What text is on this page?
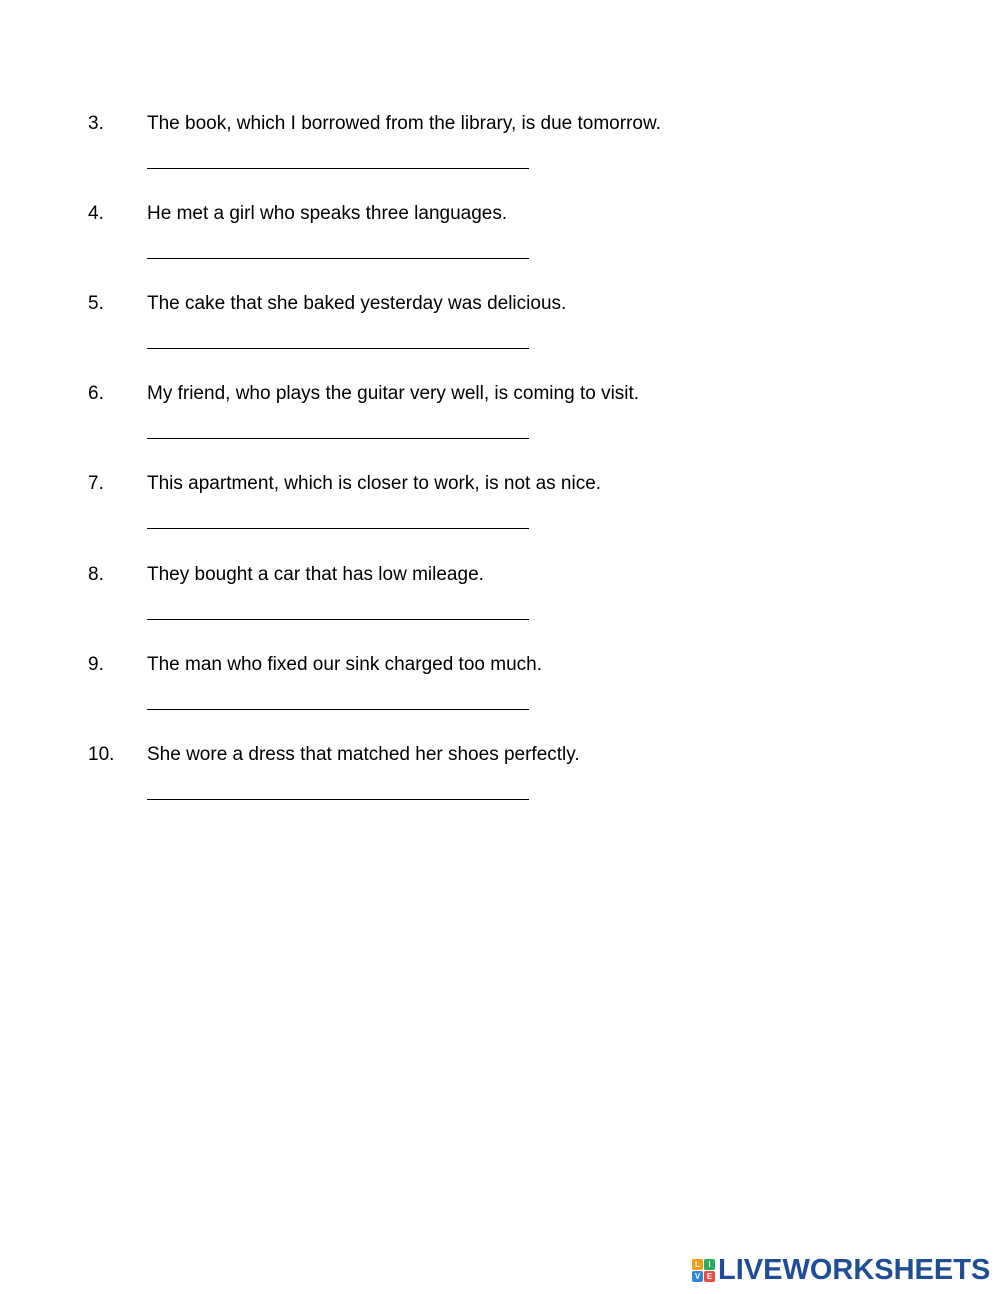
3. The book, which I borrowed from the library, is due tomorrow.
4. He met a girl who speaks three languages.
5. The cake that she baked yesterday was delicious.
6. My friend, who plays the guitar very well, is coming to visit.
7. This apartment, which is closer to work, is not as nice.
8. They bought a car that has low mileage.
9. The man who fixed our sink charged too much.
10. She wore a dress that matched her shoes perfectly.
L	I
V E LIVEWORKSHEETS
